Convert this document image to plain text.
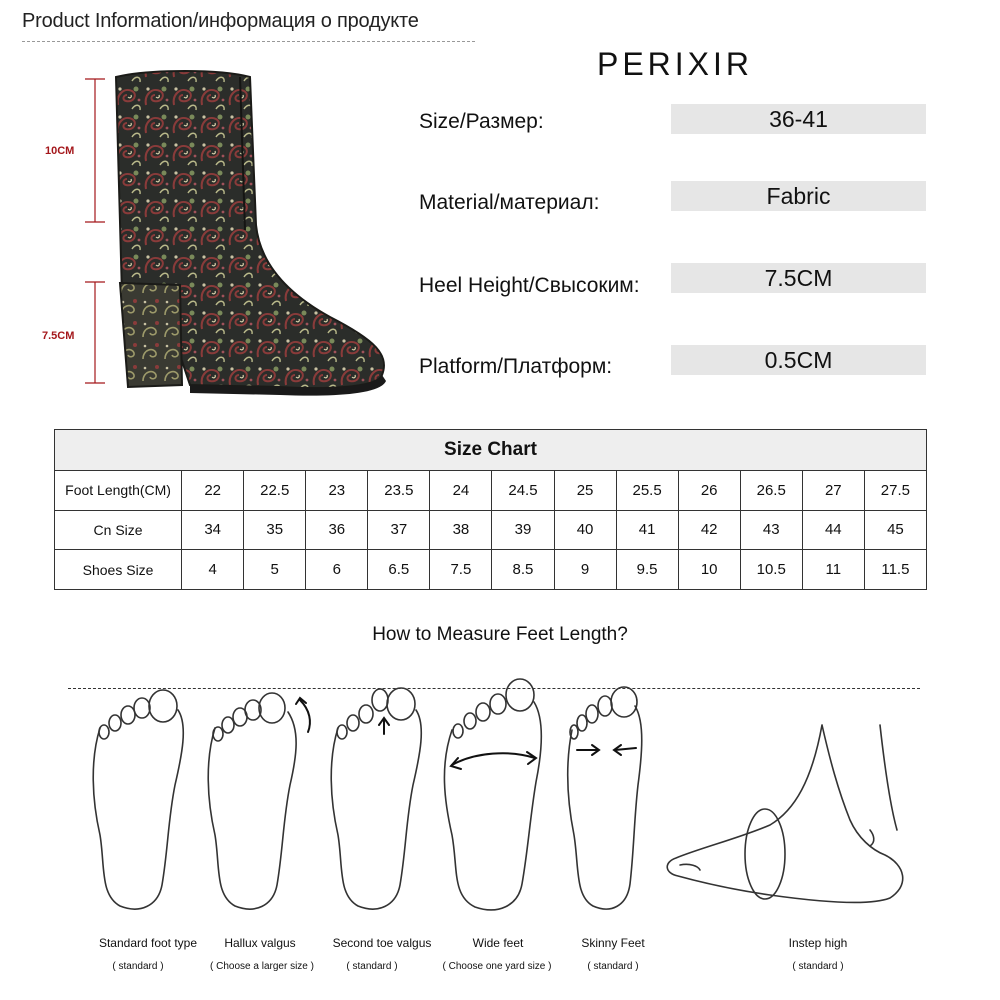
Product Information/информация о продукте
10CM
7.5CM
PERIXIR
Size/Размер:	36-41
Material/материал:	Fabric
Heel Height/Свысоким:	7.5CM
Platform/Платформ:	0.5CM
Size Chart												
Foot Length(CM)	22	22.5	23	23.5	24	24.5	25	25.5	26	26.5	27	27.5
Cn Size	34	35	36	37	38	39	40	41	42	43	44	45
Shoes Size	4	5	6	6.5	7.5	8.5	9	9.5	10	10.5	11	11.5
How to Measure Feet Length?
Standard foot type
( standard )
Hallux valgus
( Choose a larger size )
Second toe valgus
( standard )
Wide feet
( Choose one yard size )
Skinny Feet
( standard )
Instep high
( standard )
